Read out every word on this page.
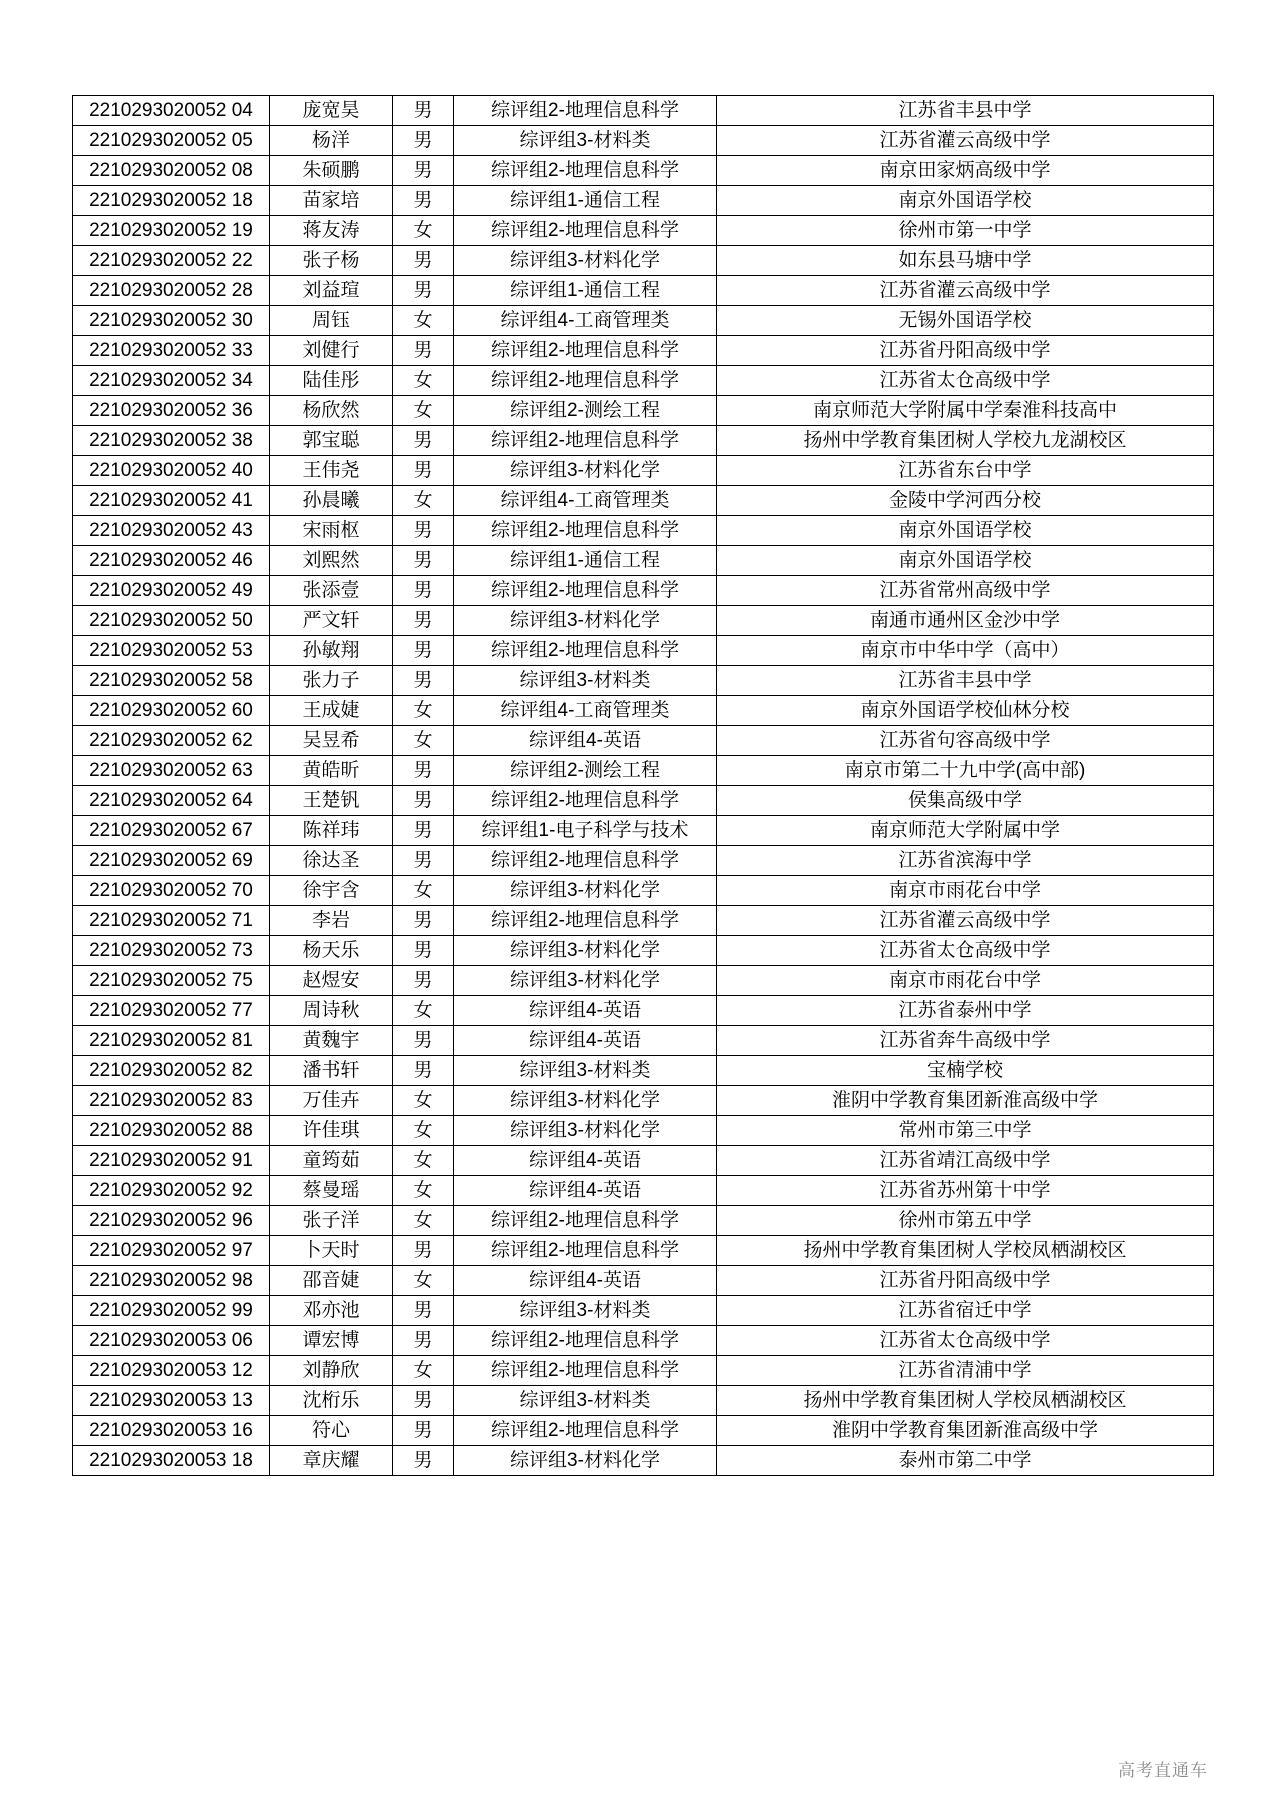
2210293020052 04	庞宽昊	男	综评组2-地理信息科学	江苏省丰县中学
2210293020052 05	杨洋	男	综评组3-材料类	江苏省灌云高级中学
2210293020052 08	朱硕鹏	男	综评组2-地理信息科学	南京田家炳高级中学
2210293020052 18	苗家培	男	综评组1-通信工程	南京外国语学校
2210293020052 19	蒋友涛	女	综评组2-地理信息科学	徐州市第一中学
2210293020052 22	张子杨	男	综评组3-材料化学	如东县马塘中学
2210293020052 28	刘益瑄	男	综评组1-通信工程	江苏省灌云高级中学
2210293020052 30	周钰	女	综评组4-工商管理类	无锡外国语学校
2210293020052 33	刘健行	男	综评组2-地理信息科学	江苏省丹阳高级中学
2210293020052 34	陆佳彤	女	综评组2-地理信息科学	江苏省太仓高级中学
2210293020052 36	杨欣然	女	综评组2-测绘工程	南京师范大学附属中学秦淮科技高中
2210293020052 38	郭宝聪	男	综评组2-地理信息科学	扬州中学教育集团树人学校九龙湖校区
2210293020052 40	王伟尧	男	综评组3-材料化学	江苏省东台中学
2210293020052 41	孙晨曦	女	综评组4-工商管理类	金陵中学河西分校
2210293020052 43	宋雨枢	男	综评组2-地理信息科学	南京外国语学校
2210293020052 46	刘熙然	男	综评组1-通信工程	南京外国语学校
2210293020052 49	张添壹	男	综评组2-地理信息科学	江苏省常州高级中学
2210293020052 50	严文轩	男	综评组3-材料化学	南通市通州区金沙中学
2210293020052 53	孙敏翔	男	综评组2-地理信息科学	南京市中华中学（高中）
2210293020052 58	张力子	男	综评组3-材料类	江苏省丰县中学
2210293020052 60	王成婕	女	综评组4-工商管理类	南京外国语学校仙林分校
2210293020052 62	吴昱希	女	综评组4-英语	江苏省句容高级中学
2210293020052 63	黄皓昕	男	综评组2-测绘工程	南京市第二十九中学(高中部)
2210293020052 64	王楚钒	男	综评组2-地理信息科学	侯集高级中学
2210293020052 67	陈祥玮	男	综评组1-电子科学与技术	南京师范大学附属中学
2210293020052 69	徐达圣	男	综评组2-地理信息科学	江苏省滨海中学
2210293020052 70	徐宇含	女	综评组3-材料化学	南京市雨花台中学
2210293020052 71	李岩	男	综评组2-地理信息科学	江苏省灌云高级中学
2210293020052 73	杨天乐	男	综评组3-材料化学	江苏省太仓高级中学
2210293020052 75	赵煜安	男	综评组3-材料化学	南京市雨花台中学
2210293020052 77	周诗秋	女	综评组4-英语	江苏省泰州中学
2210293020052 81	黄魏宇	男	综评组4-英语	江苏省奔牛高级中学
2210293020052 82	潘书轩	男	综评组3-材料类	宝楠学校
2210293020052 83	万佳卉	女	综评组3-材料化学	淮阴中学教育集团新淮高级中学
2210293020052 88	许佳琪	女	综评组3-材料化学	常州市第三中学
2210293020052 91	童筠茹	女	综评组4-英语	江苏省靖江高级中学
2210293020052 92	蔡曼瑶	女	综评组4-英语	江苏省苏州第十中学
2210293020052 96	张子洋	女	综评组2-地理信息科学	徐州市第五中学
2210293020052 97	卜天时	男	综评组2-地理信息科学	扬州中学教育集团树人学校凤栖湖校区
2210293020052 98	邵音婕	女	综评组4-英语	江苏省丹阳高级中学
2210293020052 99	邓亦池	男	综评组3-材料类	江苏省宿迁中学
2210293020053 06	谭宏博	男	综评组2-地理信息科学	江苏省太仓高级中学
2210293020053 12	刘静欣	女	综评组2-地理信息科学	江苏省清浦中学
2210293020053 13	沈桁乐	男	综评组3-材料类	扬州中学教育集团树人学校凤栖湖校区
2210293020053 16	符心	男	综评组2-地理信息科学	淮阴中学教育集团新淮高级中学
2210293020053 18	章庆耀	男	综评组3-材料化学	泰州市第二中学
高考直通车
